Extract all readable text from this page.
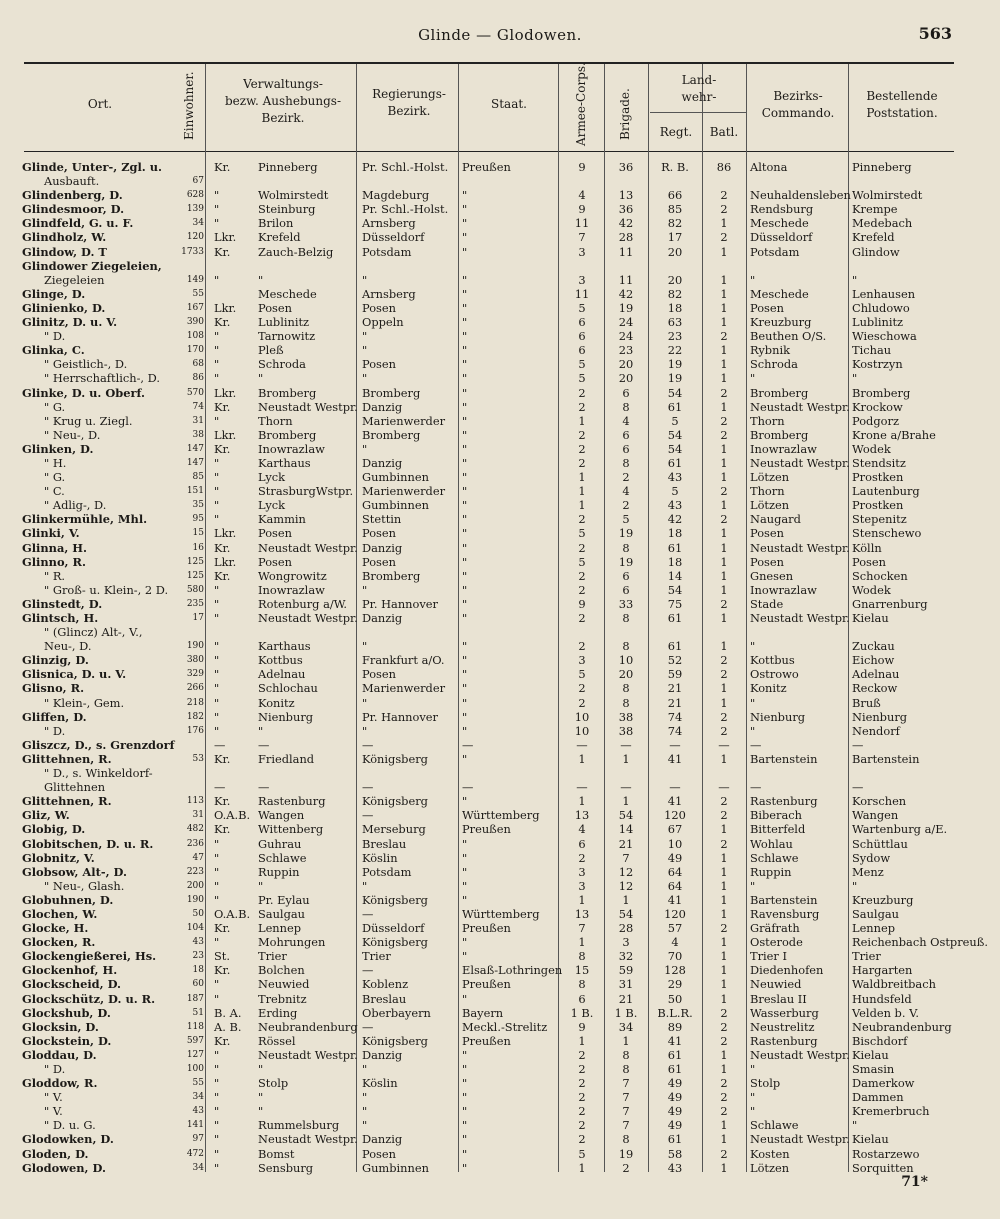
Glinde — Glodowen.	563
Ort.	Einwohner.	Verwaltungs-
bezw. Aushebungs-
Bezirk.
Regierungs-
Bezirk.	Staat.	Armee-Corps.	Brigade.
Land-
wehr-
Regt.	Batl.
Bezirks-
Commando.
Bestellende
Poststation.
Glinde, Unter-, Zgl. u.	Kr.	Pinneberg	Pr. Schl.-Holst.	Preußen	9	36	R. B.	86	Altona	Pinneberg
Ausbauft.	67
Glindenberg, D.	628 "	Wolmirstedt	Magdeburg	"	4	13	66	2	Neuhaldensleben Wolmirstedt
Glindesmoor, D.	139 "	Steinburg	Pr. Schl.-Holst.	"	9	36	85	2	Rendsburg	Krempe
Glindfeld, G. u. F.	34 "	Brilon	Arnsberg	"	11	42	82	1	Meschede	Medebach
Glindholz, W.	120 Lkr.	Krefeld	Düsseldorf	"	7	28	17	2	Düsseldorf	Krefeld
Glindow, D. T	1733 Kr.	Zauch-Belzig	Potsdam	"	3	11	20	1	Potsdam	Glindow
Glindower Ziegeleien,
Ziegeleien	149 "	"	"	"	3	11	20	1	"	"
Glinge, D.	55	Meschede	Arnsberg	"	11	42	82	1	Meschede	Lenhausen
Glinienko, D.	167 Lkr.	Posen	Posen	"	5	19	18	1	Posen	Chludowo
Glinitz, D. u. V.	390 Kr.	Lublinitz	Oppeln	"	6	24	63	1	Kreuzburg	Lublinitz
" D.	108 "	Tarnowitz	"	"	6	24	23	2	Beuthen O/S.	Wieschowa
Glinka, C.	170 "	Pleß	"	"	6	23	22	1	Rybnik	Tichau
" Geistlich-, D.	68 "	Schroda	Posen	"	5	20	19	1	Schroda	Kostrzyn
" Herrschaftlich-, D.	86 "	"	"	"	5	20	19	1	"	"
Glinke, D. u. Oberf.	570 Lkr.	Bromberg	Bromberg	"	2	6	54	2	Bromberg	Bromberg
" G.	74 Kr.	Neustadt Westpr. Danzig	"	2	8	61	1	Neustadt Westpr. Krockow
" Krug u. Ziegl.	31 "	Thorn	Marienwerder	"	1	4	5	2	Thorn	Podgorz
" Neu-, D.	38 Lkr.	Bromberg	Bromberg	"	2	6	54	2	Bromberg	Krone a/Brahe
Glinken, D.	147 Kr.	Inowrazlaw	"	"	2	6	54	1	Inowrazlaw	Wodek
" H.	147 "	Karthaus	Danzig	"	2	8	61	1	Neustadt Westpr. Stendsitz
" G.	85 "	Lyck	Gumbinnen	"	1	2	43	1	Lötzen	Prostken
" C.	151 "	StrasburgWstpr. Marienwerder	"	1	4	5	2	Thorn	Lautenburg
" Adlig-, D.	35 "	Lyck	Gumbinnen	"	1	2	43	1	Lötzen	Prostken
Glinkermühle, Mhl.	95 "	Kammin	Stettin	"	2	5	42	2	Naugard	Stepenitz
Glinki, V.	15 Lkr.	Posen	Posen	"	5	19	18	1	Posen	Stenschewo
Glinna, H.	16 Kr.	Neustadt Westpr. Danzig	"	2	8	61	1	Neustadt Westpr. Kölln
Glinno, R.	125 Lkr.	Posen	Posen	"	5	19	18	1	Posen	Posen
" R.	125 Kr.	Wongrowitz	Bromberg	"	2	6	14	1	Gnesen	Schocken
" Groß- u. Klein-, 2 D.	580 "	Inowrazlaw	"	"	2	6	54	1	Inowrazlaw	Wodek
Glinstedt, D.	235 "	Rotenburg a/W.	Pr. Hannover	"	9	33	75	2	Stade	Gnarrenburg
Glintsch, H.	17 "	Neustadt Westpr. Danzig	"	2	8	61	1	Neustadt Westpr. Kielau
" (Glincz) Alt-, V.,
Neu-, D.	190 "	Karthaus	"	"	2	8	61	1	"	Zuckau
Glinzig, D.	380 "	Kottbus	Frankfurt a/O.	"	3	10	52	2	Kottbus	Eichow
Glisnica, D. u. V.	329 "	Adelnau	Posen	"	5	20	59	2	Ostrowo	Adelnau
Glisno, R.	266 "	Schlochau	Marienwerder	"	2	8	21	1	Konitz	Reckow
" Klein-, Gem.	218 "	Konitz	"	"	2	8	21	1	"	Bruß
Gliffen, D.	182 "	Nienburg	Pr. Hannover	"	10	38	74	2	Nienburg	Nienburg
" D.	176 "	"	"	"	10	38	74	2	"	Nendorf
Gliszcz, D., s. Grenzdorf	—	—	—	—	—	—	—	—	—	—
Glittehnen, R.	53 Kr.	Friedland	Königsberg	"	1	1	41	1	Bartenstein	Bartenstein
" D., s. Winkeldorf-
Glittehnen	—	—	—	—	—	—	—	—	—	—
Glittehnen, R.	113 Kr.	Rastenburg	Königsberg	"	1	1	41	2	Rastenburg	Korschen
Gliz, W.	31 O.A.B. Wangen	—	Württemberg	13	54	120	2	Biberach	Wangen
Globig, D.	482 Kr.	Wittenberg	Merseburg	Preußen	4	14	67	1	Bitterfeld	Wartenburg a/E.
Globitschen, D. u. R.	236 "	Guhrau	Breslau	"	6	21	10	2	Wohlau	Schüttlau
Globnitz, V.	47 "	Schlawe	Köslin	"	2	7	49	1	Schlawe	Sydow
Globsow, Alt-, D.	223 "	Ruppin	Potsdam	"	3	12	64	1	Ruppin	Menz
" Neu-, Glash.	200 "	"	"	"	3	12	64	1	"	"
Globuhnen, D.	190 "	Pr. Eylau	Königsberg	"	1	1	41	1	Bartenstein	Kreuzburg
Glochen, W.	50 O.A.B. Saulgau	—	Württemberg	13	54	120	1	Ravensburg	Saulgau
Glocke, H.	104 Kr.	Lennep	Düsseldorf	Preußen	7	28	57	2	Gräfrath	Lennep
Glocken, R.	43 "	Mohrungen	Königsberg	"	1	3	4	1	Osterode	Reichenbach Ostpreuß.
Glockengießerei, Hs.	23 St.	Trier	Trier	"	8	32	70	1	Trier I	Trier
Glockenhof, H.	18 Kr.	Bolchen	—	Elsaß-Lothringen	15	59	128	1	Diedenhofen	Hargarten
Glockscheid, D.	60 "	Neuwied	Koblenz	Preußen	8	31	29	1	Neuwied	Waldbreitbach
Glockschütz, D. u. R.	187 "	Trebnitz	Breslau	"	6	21	50	1	Breslau II	Hundsfeld
Glockshub, D.	51 B. A.	Erding	Oberbayern	Bayern	1 B.	1 B.	B.L.R.	2	Wasserburg	Velden b. V.
Glocksin, D.	118 A. B.	Neubrandenburg —	Meckl.-Strelitz	9	34	89	2	Neustrelitz	Neubrandenburg
Glockstein, D.	597 Kr.	Rössel	Königsberg	Preußen	1	1	41	2	Rastenburg	Bischdorf
Gloddau, D.	127 "	Neustadt Westpr. Danzig	"	2	8	61	1	Neustadt Westpr. Kielau
" D.	100 "	"	"	"	2	8	61	1	"	Smasin
Gloddow, R.	55 "	Stolp	Köslin	"	2	7	49	2	Stolp	Damerkow
" V.	34 "	"	"	"	2	7	49	2	"	Dammen
" V.	43 "	"	"	"	2	7	49	2	"	Kremerbruch
" D. u. G.	141 "	Rummelsburg	"	"	2	7	49	1	Schlawe	"
Glodowken, D.	97 "	Neustadt Westpr. Danzig	"	2	8	61	1	Neustadt Westpr. Kielau
Gloden, D.	472 "	Bomst	Posen	"	5	19	58	2	Kosten	Rostarzewo
Glodowen, D.	34 "	Sensburg	Gumbinnen	"	1	2	43	1	Lötzen	Sorquitten
71*
